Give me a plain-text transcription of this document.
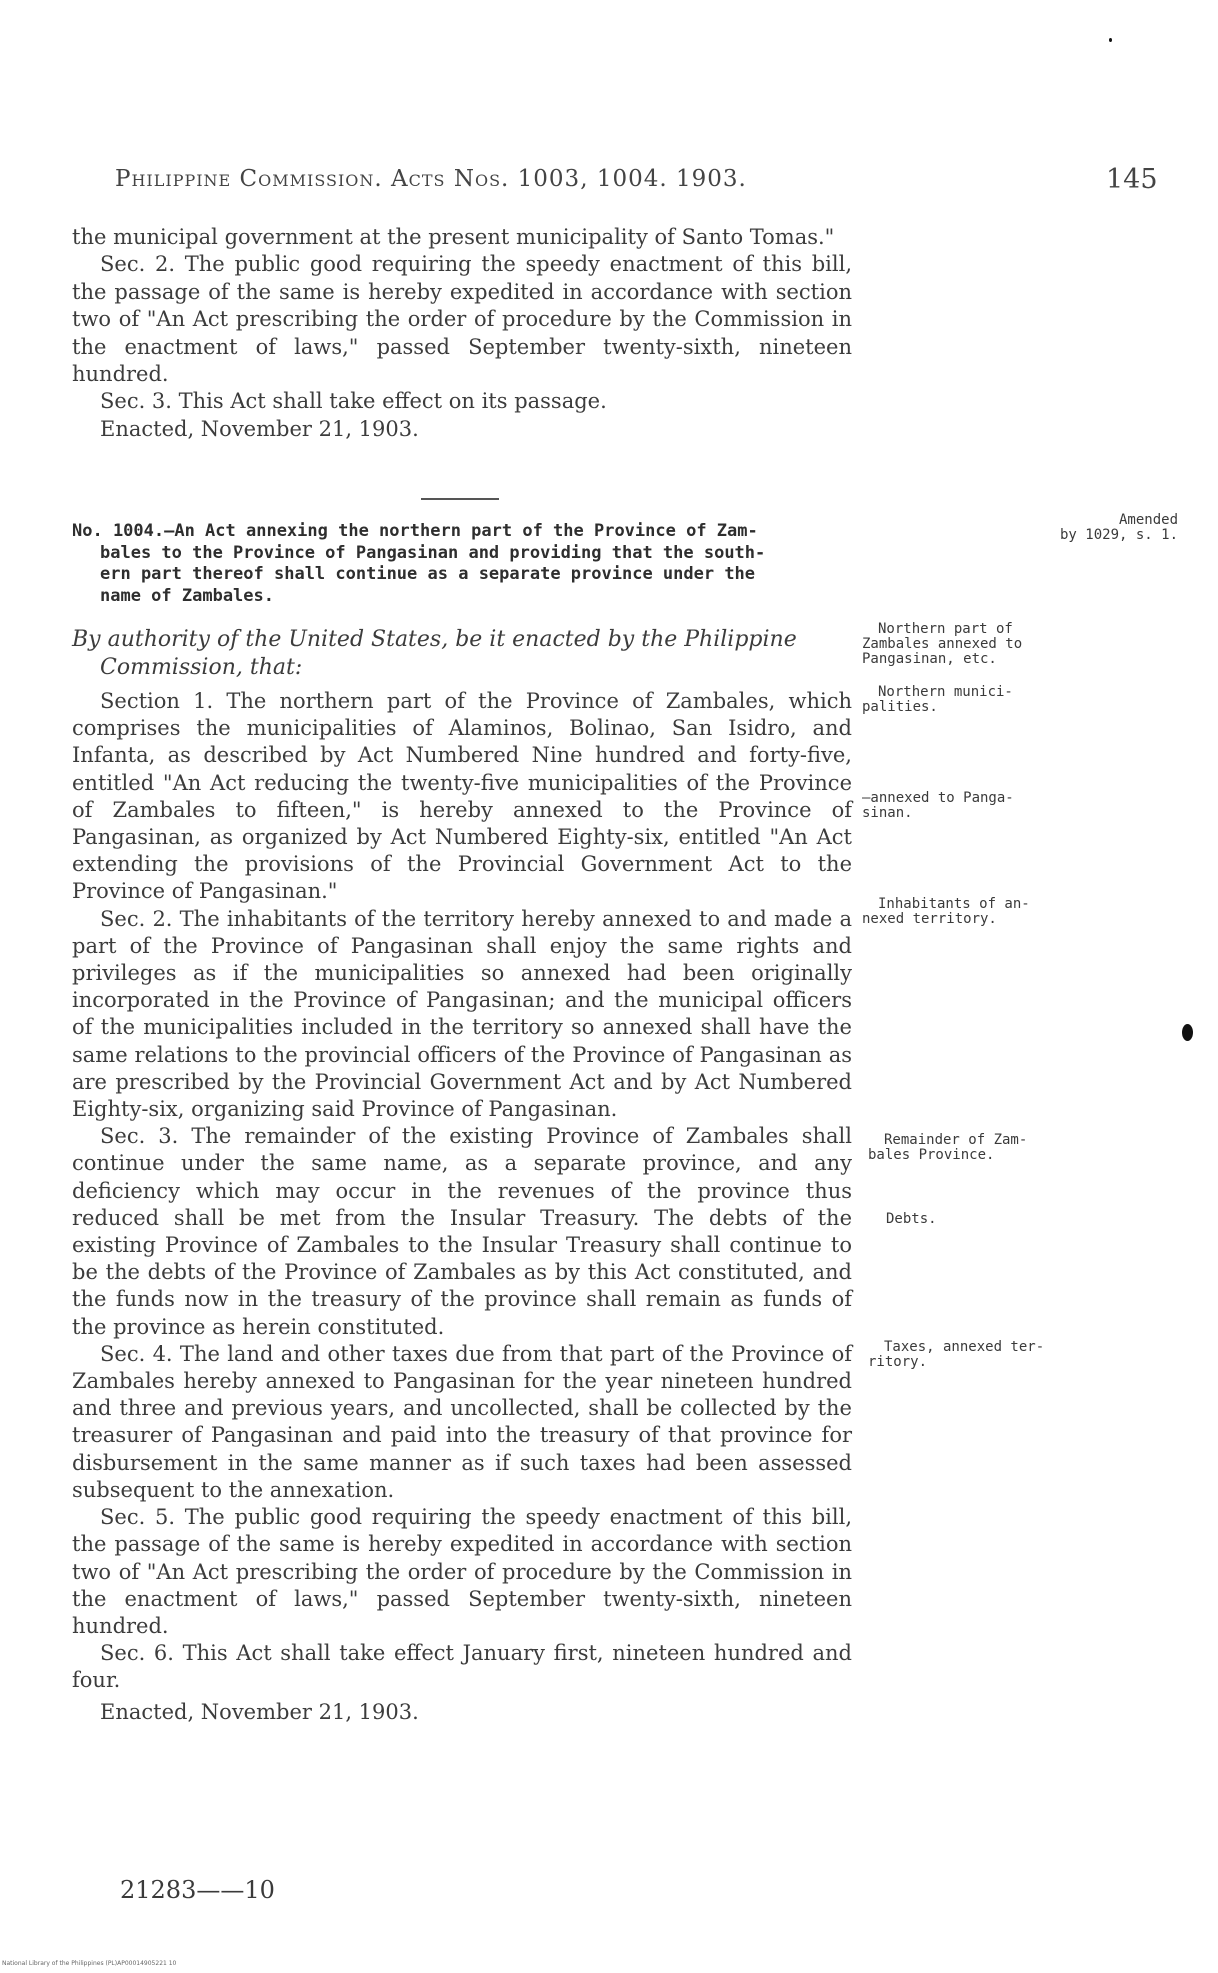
Philippine Commission. Acts Nos. 1003, 1004. 1903.	145

the municipal government at the present municipality of Santo Tomas."

Sec. 2. The public good requiring the speedy enactment of this bill, the passage of the same is hereby expedited in accordance with section two of "An Act prescribing the order of procedure by the Commission in the enactment of laws," passed September twenty-sixth, nineteen hundred.

Sec. 3. This Act shall take effect on its passage.

Enacted, November 21, 1903.

No. 1004.—An Act annexing the northern part of the Province of Zam-
bales to the Province of Pangasinan and providing that the south-
ern part thereof shall continue as a separate province under the
name of Zambales.
By authority of the United States, be it enacted by the Philippine
Commission, that:

Section 1. The northern part of the Province of Zambales, which comprises the municipalities of Alaminos, Bolinao, San Isidro, and Infanta, as described by Act Numbered Nine hundred and forty-five, entitled "An Act reducing the twenty-five municipalities of the Province of Zambales to fifteen," is hereby annexed to the Province of Pangasinan, as organized by Act Numbered Eighty-six, entitled "An Act extending the provisions of the Provincial Government Act to the Province of Pangasinan."

Sec. 2. The inhabitants of the territory hereby annexed to and made a part of the Province of Pangasinan shall enjoy the same rights and privileges as if the municipalities so annexed had been originally incorporated in the Province of Pangasinan; and the municipal officers of the municipalities included in the territory so annexed shall have the same relations to the provincial officers of the Province of Pangasinan as are prescribed by the Provincial Government Act and by Act Numbered Eighty-six, organizing said Province of Pangasinan.

Sec. 3. The remainder of the existing Province of Zambales shall continue under the same name, as a separate province, and any deficiency which may occur in the revenues of the province thus reduced shall be met from the Insular Treasury. The debts of the existing Province of Zambales to the Insular Treasury shall continue to be the debts of the Province of Zambales as by this Act constituted, and the funds now in the treasury of the province shall remain as funds of the province as herein constituted.

Sec. 4. The land and other taxes due from that part of the Province of Zambales hereby annexed to Pangasinan for the year nineteen hundred and three and previous years, and uncollected, shall be collected by the treasurer of Pangasinan and paid into the treasury of that province for disbursement in the same manner as if such taxes had been assessed subsequent to the annexation.

Sec. 5. The public good requiring the speedy enactment of this bill, the passage of the same is hereby expedited in accordance with section two of "An Act prescribing the order of procedure by the Commission in the enactment of laws," passed September twenty-sixth, nineteen hundred.

Sec. 6. This Act shall take effect January first, nineteen hundred and four.

Enacted, November 21, 1903.

Amended
by 1029, s. 1.
Northern part of
Zambales annexed to
Pangasinan, etc.
Northern munici-
palities.
—annexed to Panga-
sinan.
Inhabitants of an-
nexed territory.
Remainder of Zam-
bales Province.
Debts.
Taxes, annexed ter-
ritory.
21283——10
National Library of the Philippines (PL)AP00014905221 10
